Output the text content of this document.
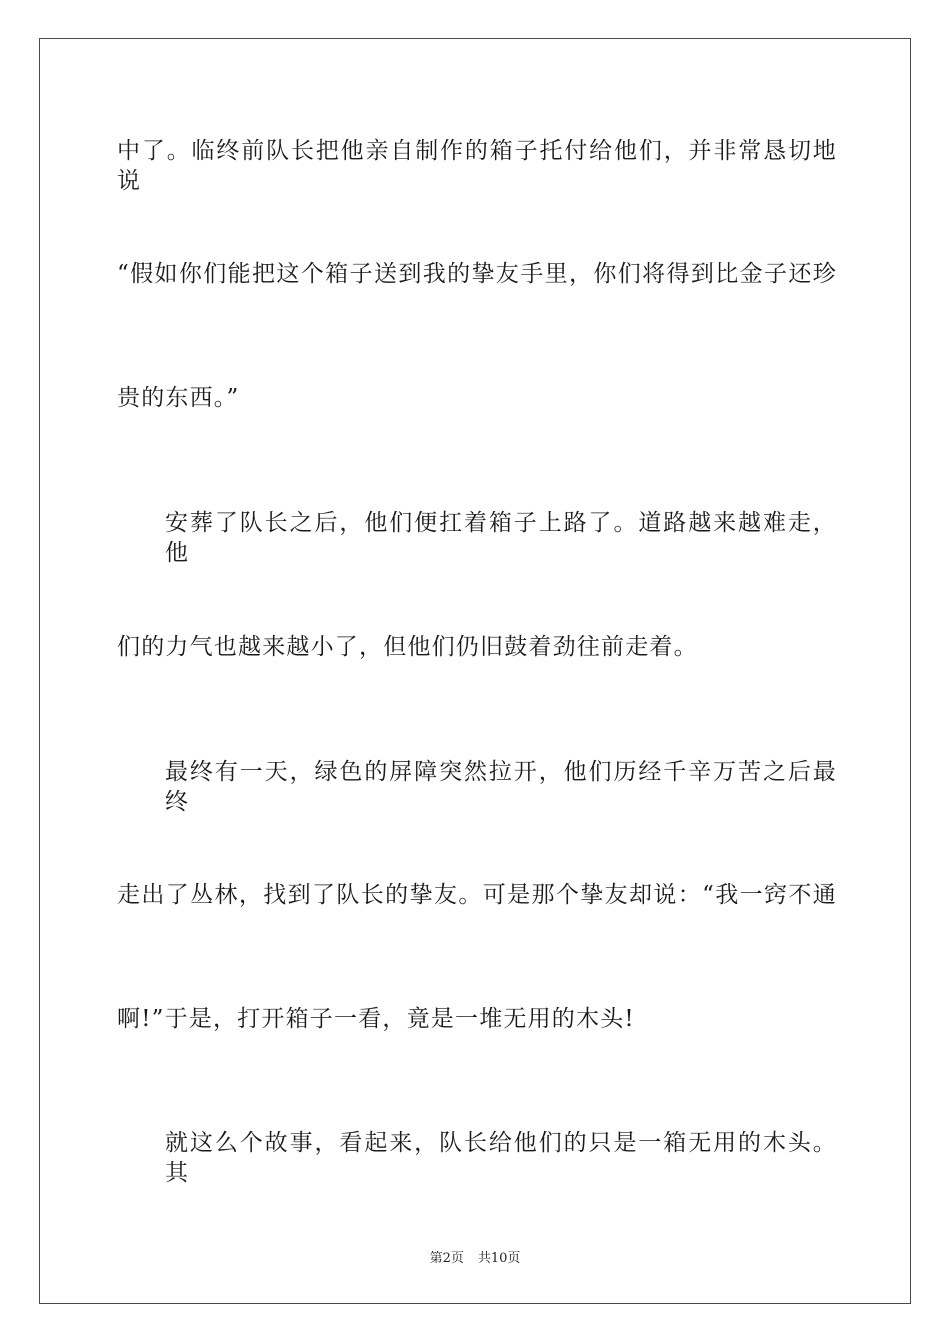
中了。临终前队长把他亲自制作的箱子托付给他们，并非常恳切地说
“假如你们能把这个箱子送到我的挚友手里，你们将得到比金子还珍
贵的东西。”
安葬了队长之后，他们便扛着箱子上路了。道路越来越难走，他
们的力气也越来越小了，但他们仍旧鼓着劲往前走着。
最终有一天，绿色的屏障突然拉开，他们历经千辛万苦之后最终
走出了丛林，找到了队长的挚友。可是那个挚友却说：“我一窍不通
啊!”于是，打开箱子一看，竟是一堆无用的木头!
就这么个故事，看起来，队长给他们的只是一箱无用的木头。其
第2页 共10页
